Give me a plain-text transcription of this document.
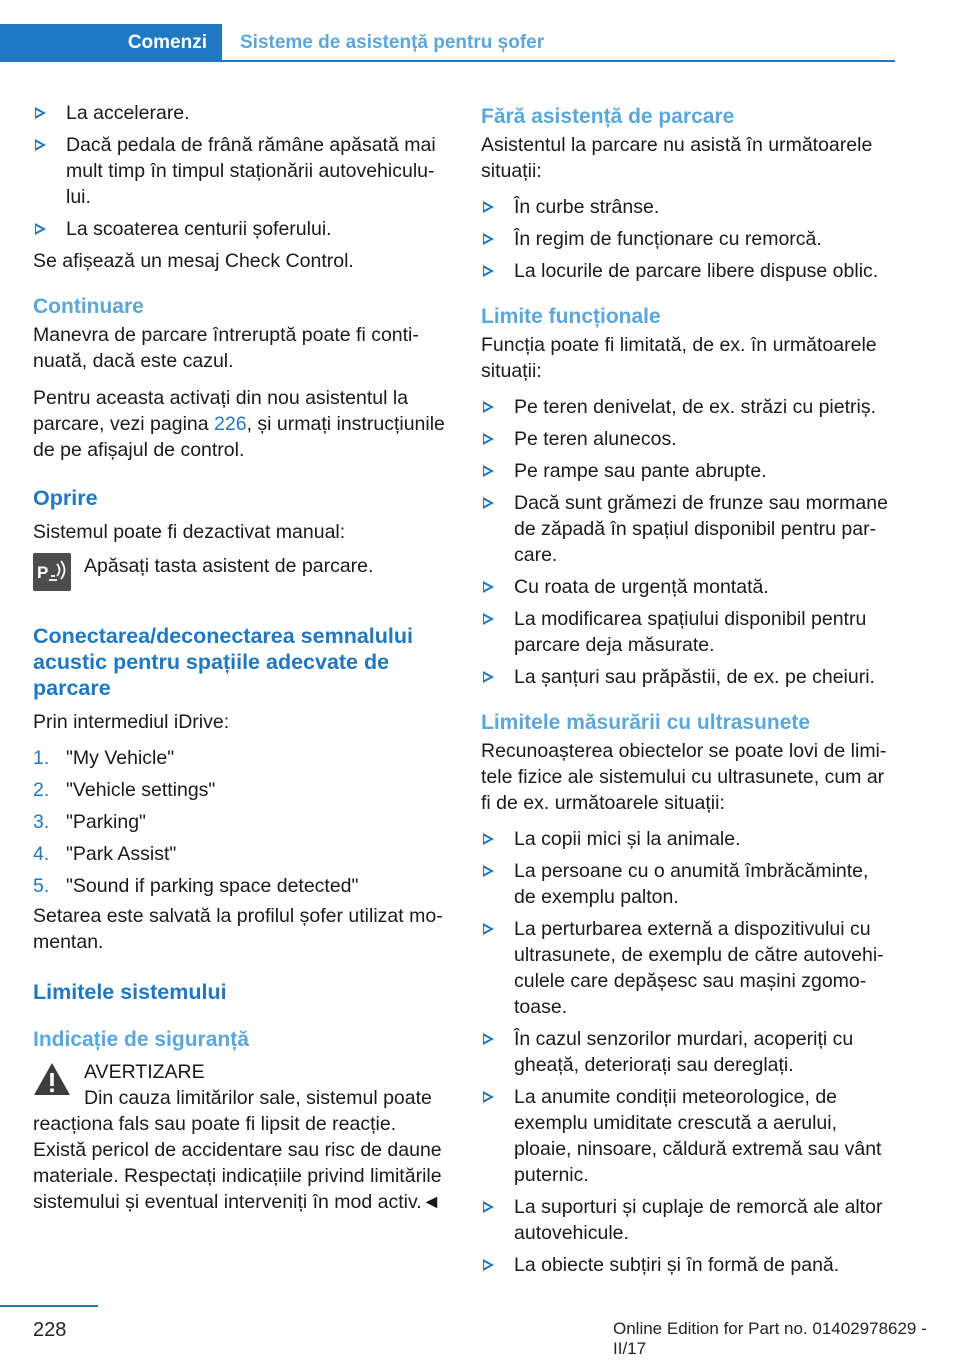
Comenzi	Sisteme de asistență pentru șofer
La accelerare.
Dacă pedala de frână rămâne apăsată mai mult timp în timpul staționării autovehiculului.
La scoaterea centurii șoferului.

Se afișează un mesaj Check Control.

Continuare

Manevra de parcare întreruptă poate fi continuată, dacă este cazul.

Pentru aceasta activați din nou asistentul la parcare, vezi pagina 226, și urmați instrucțiunile de pe afișajul de control.

Oprire

Sistemul poate fi dezactivat manual:

P Apăsați tasta asistent de parcare.
Conectarea/deconectarea semnalului acustic pentru spațiile adecvate de parcare

Prin intermediul iDrive:

1. "My Vehicle"
2. "Vehicle settings"
3. "Parking"
4. "Park Assist"
5. "Sound if parking space detected"

Setarea este salvată la profilul șofer utilizat momentan.

Limitele sistemului
Indicație de siguranță
AVERTIZARE

Din cauza limitărilor sale, sistemul poate reacționa fals sau poate fi lipsit de reacție. Există pericol de accidentare sau risc de daune materiale. Respectați indicațiile privind limitările sistemului și eventual interveniți în mod activ.◄

Fără asistență de parcare

Asistentul la parcare nu asistă în următoarele situații:

În curbe strânse.
În regim de funcționare cu remorcă.
La locurile de parcare libere dispuse oblic.
Limite funcționale

Funcția poate fi limitată, de ex. în următoarele situații:

Pe teren denivelat, de ex. străzi cu pietriș.
Pe teren alunecos.
Pe rampe sau pante abrupte.
Dacă sunt grămezi de frunze sau mormane de zăpadă în spațiul disponibil pentru parcare.
Cu roata de urgență montată.
La modificarea spațiului disponibil pentru parcare deja măsurate.
La șanțuri sau prăpăstii, de ex. pe cheiuri.
Limitele măsurării cu ultrasunete

Recunoașterea obiectelor se poate lovi de limitele fizice ale sistemului cu ultrasunete, cum ar fi de ex. următoarele situații:

La copii mici și la animale.
La persoane cu o anumită îmbrăcăminte, de exemplu palton.
La perturbarea externă a dispozitivului cu ultrasunete, de exemplu de către autovehiculele care depășesc sau mașini zgomotoase.
În cazul senzorilor murdari, acoperiți cu gheață, deteriorați sau dereglați.
La anumite condiții meteorologice, de exemplu umiditate crescută a aerului, ploaie, ninsoare, căldură extremă sau vânt puternic.
La suporturi și cuplaje de remorcă ale altor autovehicule.
La obiecte subțiri și în formă de pană.
228	Online Edition for Part no. 01402978629 - II/17
